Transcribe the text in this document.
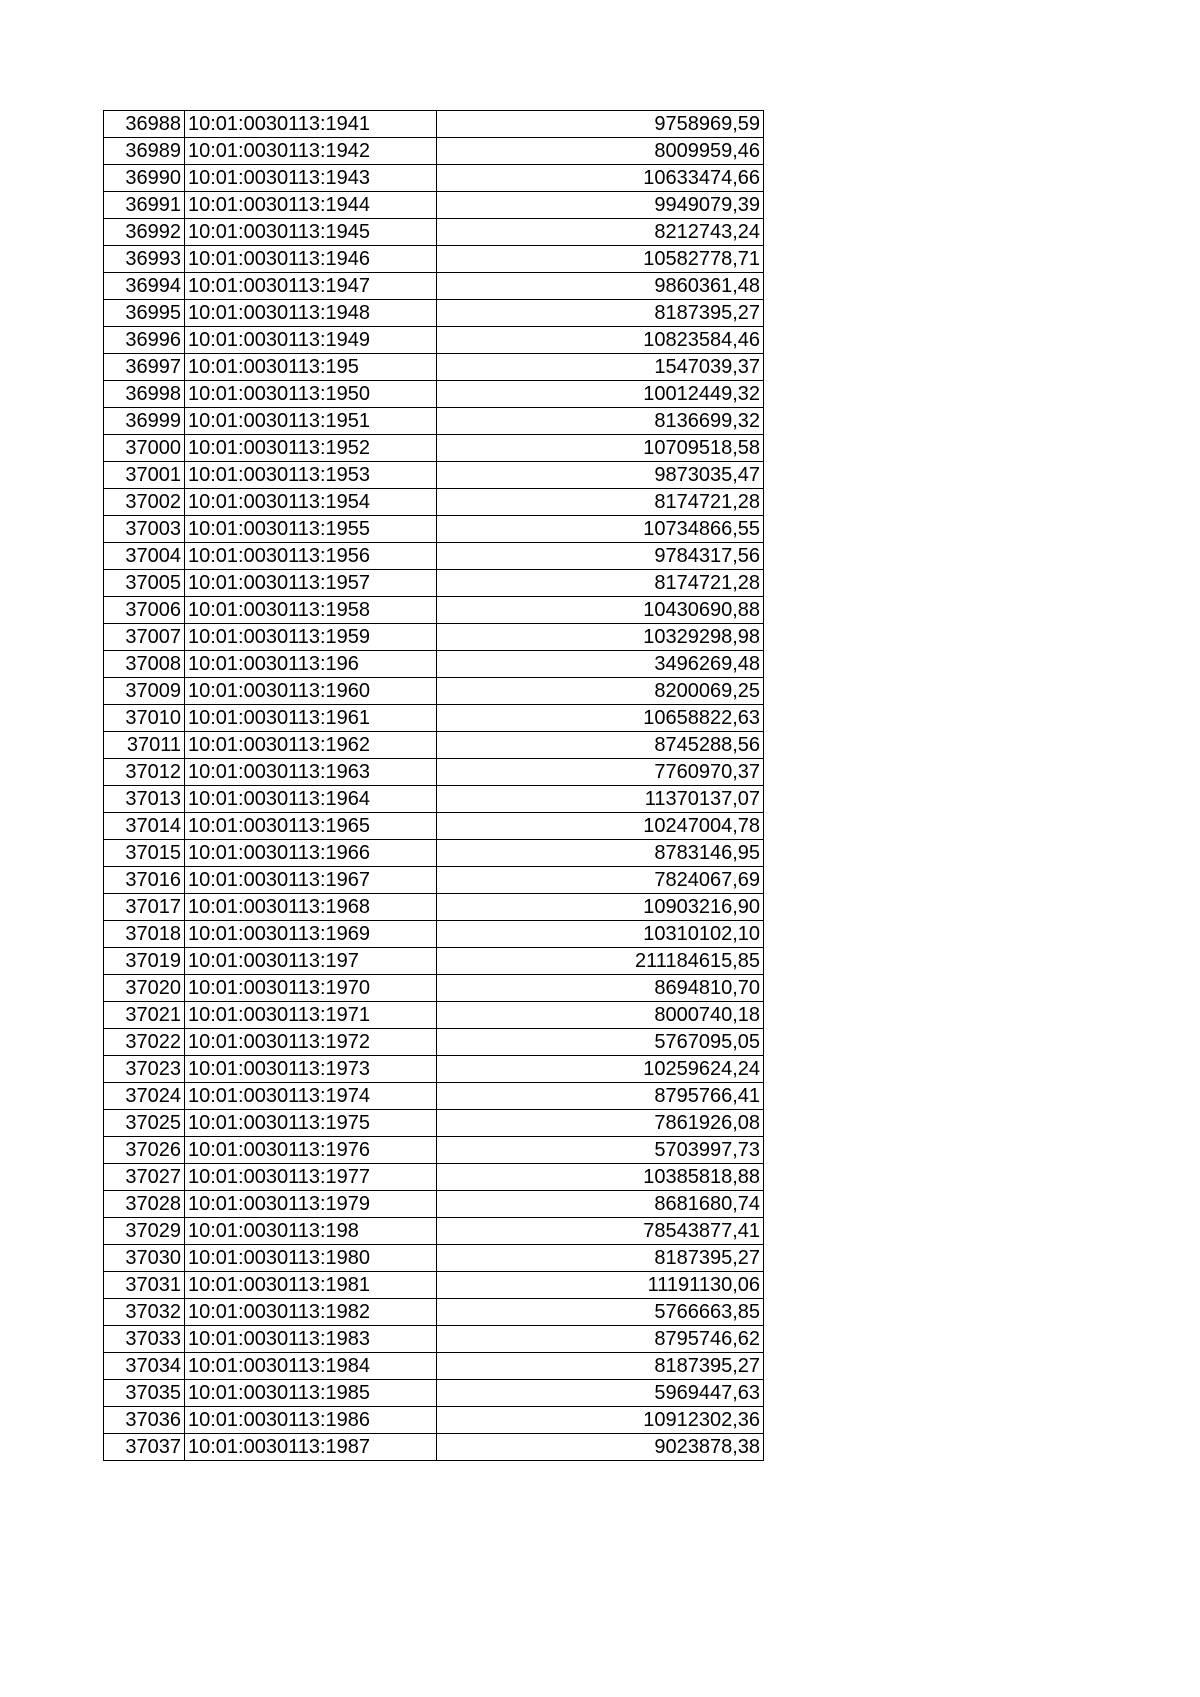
36988	10:01:0030113:1941	9758969,59
36989	10:01:0030113:1942	8009959,46
36990	10:01:0030113:1943	10633474,66
36991	10:01:0030113:1944	9949079,39
36992	10:01:0030113:1945	8212743,24
36993	10:01:0030113:1946	10582778,71
36994	10:01:0030113:1947	9860361,48
36995	10:01:0030113:1948	8187395,27
36996	10:01:0030113:1949	10823584,46
36997	10:01:0030113:195	1547039,37
36998	10:01:0030113:1950	10012449,32
36999	10:01:0030113:1951	8136699,32
37000	10:01:0030113:1952	10709518,58
37001	10:01:0030113:1953	9873035,47
37002	10:01:0030113:1954	8174721,28
37003	10:01:0030113:1955	10734866,55
37004	10:01:0030113:1956	9784317,56
37005	10:01:0030113:1957	8174721,28
37006	10:01:0030113:1958	10430690,88
37007	10:01:0030113:1959	10329298,98
37008	10:01:0030113:196	3496269,48
37009	10:01:0030113:1960	8200069,25
37010	10:01:0030113:1961	10658822,63
37011	10:01:0030113:1962	8745288,56
37012	10:01:0030113:1963	7760970,37
37013	10:01:0030113:1964	11370137,07
37014	10:01:0030113:1965	10247004,78
37015	10:01:0030113:1966	8783146,95
37016	10:01:0030113:1967	7824067,69
37017	10:01:0030113:1968	10903216,90
37018	10:01:0030113:1969	10310102,10
37019	10:01:0030113:197	211184615,85
37020	10:01:0030113:1970	8694810,70
37021	10:01:0030113:1971	8000740,18
37022	10:01:0030113:1972	5767095,05
37023	10:01:0030113:1973	10259624,24
37024	10:01:0030113:1974	8795766,41
37025	10:01:0030113:1975	7861926,08
37026	10:01:0030113:1976	5703997,73
37027	10:01:0030113:1977	10385818,88
37028	10:01:0030113:1979	8681680,74
37029	10:01:0030113:198	78543877,41
37030	10:01:0030113:1980	8187395,27
37031	10:01:0030113:1981	11191130,06
37032	10:01:0030113:1982	5766663,85
37033	10:01:0030113:1983	8795746,62
37034	10:01:0030113:1984	8187395,27
37035	10:01:0030113:1985	5969447,63
37036	10:01:0030113:1986	10912302,36
37037	10:01:0030113:1987	9023878,38
